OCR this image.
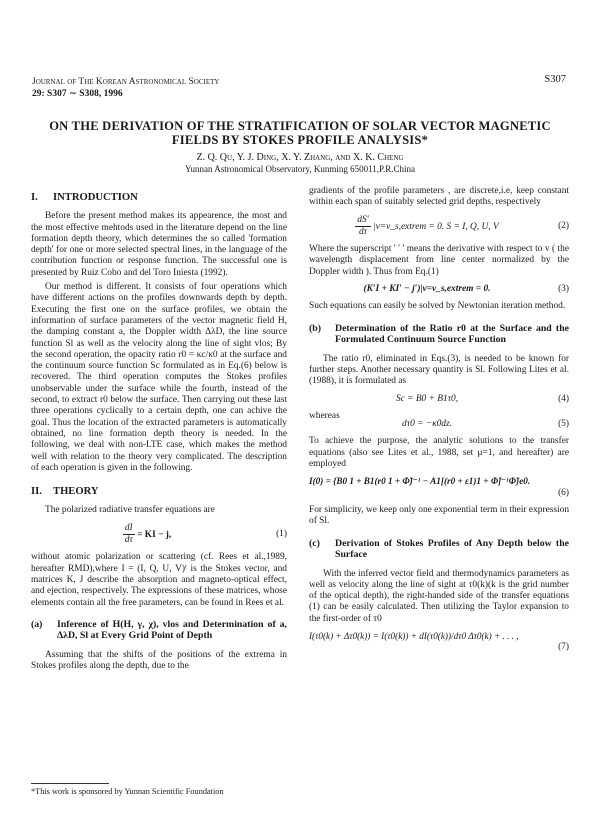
Journal of The Korean Astronomical Society
29: S307 ∼ S308, 1996
S307
ON THE DERIVATION OF THE STRATIFICATION OF SOLAR VECTOR MAGNETIC FIELDS BY STOKES PROFILE ANALYSIS*
Z. Q. Qu, Y. J. Ding, X. Y. Zhang, and X. K. Cheng
Yunnan Astronomical Observatory, Kunming 650011,P.R.China
I. INTRODUCTION

Before the present method makes its appearence, the most and the most effective mehtods used in the literature depend on the line formation depth theory, which determines the so called 'formation depth' for one or more selected spectral lines, in the language of the contribution function or response function. The successful one is presented by Ruiz Cobo and del Toro Iniesta (1992).

Our method is different. It consists of four operations which have different actions on the profiles downwards depth by depth. Executing the first one on the surface profiles, we obtain the information of surface parameters of the vector magnetic field H, the damping constant a, the Doppler width ΔλD, the line source function Sl as well as the velocity along the line of sight vlos; By the second operation, the opacity ratio r0 = κc/κ0 at the surface and the continuum source function Sc formulated as in Eq.(6) below is recovered. The third operation computes the Stokes profiles unobservable under the surface while the fourth, instead of the second, to extract r0 below the surface. Then carrying out these last three operations cyclically to a certain depth, one can achive the goal. Thus the location of the extracted parameters is automatically obtained, no line formation depth theory is needed. In the following, we deal with non-LTE case, which makes the method well with relation to the theory very complicated. The description of each operation is given in the following.

II. THEORY

The polarized radiative transfer equations are

$\frac{dI}{d\tau}$ = KI − j,	(1)

without atomic polarization or scattering (cf. Rees et al.,1989, hereafter RMD),where I = (I, Q, U, V)ᵗ is the Stokes vector, and matrices K, J describe the absorption and magneto-optical effect, and ejection, respectively. The expressions of these matrices, whose elements contain all the free parameters, can be found in Rees et al.

(a)	Inference of H(H, γ, χ), vlos and Determination of a, ΔλD, Sl at Every Grid Point of Depth

Assuming that the shifts of the positions of the extrema in Stokes profiles along the depth, due to the

gradients of the profile parameters , are discrete,i.e, keep constant within each span of suitably selected grid depths, respectively

$\frac{dS'}{d\tau}$ |v=v_s,extrem = 0. S = I, Q, U, V	(2)

Where the superscript ' ′ ' means the derivative with respect to v ( the wavelength displacement from line center normalized by the Doppler width ). Thus from Eq.(1)

(K′I + KI′ − j′)|v=v_s,extrem = 0.	(3)

Such equations can easily be solved by Newtonian iteration method.

(b)	Determination of the Ratio r0 at the Surface and the Formulated Continuum Source Function

The ratio r0, eliminated in Eqs.(3), is needed to be known for further steps. Another necessary quantity is Sl. Following Lites et al. (1988), it is formulated as

Sc = B0 + B1τ0,	(4)

whereas

dτ0 = −κ0dz.	(5)

To achieve the purpose, the analytic solutions to the transfer equations (also see Lites et al., 1988, set μ=1, and hereafter) are employed

I(0) = {B0 1 + B1(r0 1 + Φ̃)⁻¹ − A1[(r0 + ε1)1 + Φ̃]⁻¹Φ̃}e0.
(6)

For simplicity, we keep only one exponential term in their expression of Sl.

(c)	Derivation of Stokes Profiles of Any Depth below the Surface

With the inferred vector field and thermodynamics parameters as well as velocity along the line of sight at τ0(k)(k is the grid number of the optical depth), the right-handed side of the transfer equations (1) can be easily calculated. Then utilizing the Taylor expansion to the first-order of τ0

I(τ0(k) + Δτ0(k)) = I(τ0(k)) + dI(τ0(k))/dτ0 Δτ0(k) + . . . ,
(7)
*This work is sponsored by Yunnan Scientific Foundation
